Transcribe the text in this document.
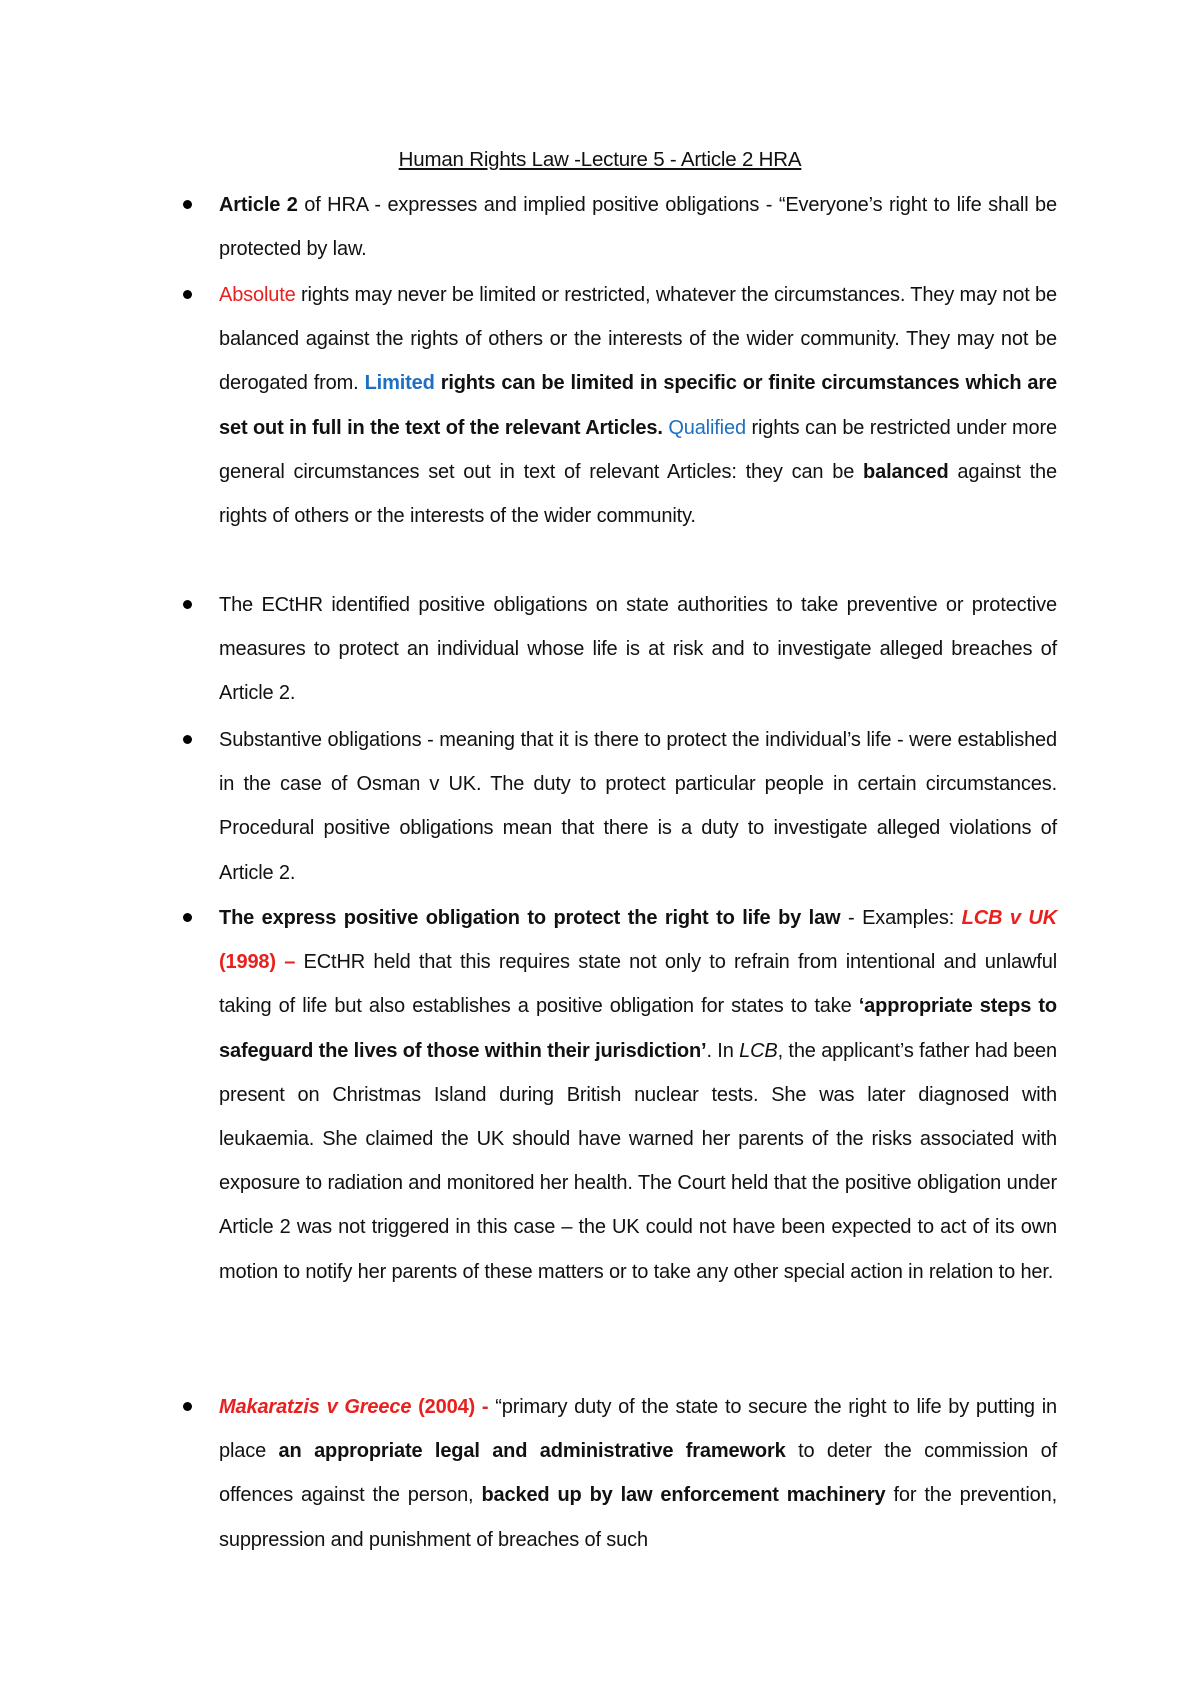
Human Rights Law -Lecture 5 - Article 2 HRA
Article 2 of HRA - expresses and implied positive obligations - “Everyone’s right to life shall be protected by law.
Absolute rights may never be limited or restricted, whatever the circumstances. They may not be balanced against the rights of others or the interests of the wider community. They may not be derogated from. Limited rights can be limited in specific or finite circumstances which are set out in full in the text of the relevant Articles. Qualified rights can be restricted under more general circumstances set out in text of relevant Articles: they can be balanced against the rights of others or the interests of the wider community.
The ECtHR identified positive obligations on state authorities to take preventive or protective measures to protect an individual whose life is at risk and to investigate alleged breaches of Article 2.
Substantive obligations - meaning that it is there to protect the individual’s life - were established in the case of Osman v UK. The duty to protect particular people in certain circumstances. Procedural positive obligations mean that there is a duty to investigate alleged violations of Article 2.
The express positive obligation to protect the right to life by law - Examples: LCB v UK (1998) – ECtHR held that this requires state not only to refrain from intentional and unlawful taking of life but also establishes a positive obligation for states to take ‘appropriate steps to safeguard the lives of those within their jurisdiction’. In LCB, the applicant’s father had been present on Christmas Island during British nuclear tests. She was later diagnosed with leukaemia. She claimed the UK should have warned her parents of the risks associated with exposure to radiation and monitored her health. The Court held that the positive obligation under Article 2 was not triggered in this case – the UK could not have been expected to act of its own motion to notify her parents of these matters or to take any other special action in relation to her.
Makaratzis v Greece (2004) - “primary duty of the state to secure the right to life by putting in place an appropriate legal and administrative framework to deter the commission of offences against the person, backed up by law enforcement machinery for the prevention, suppression and punishment of breaches of such
